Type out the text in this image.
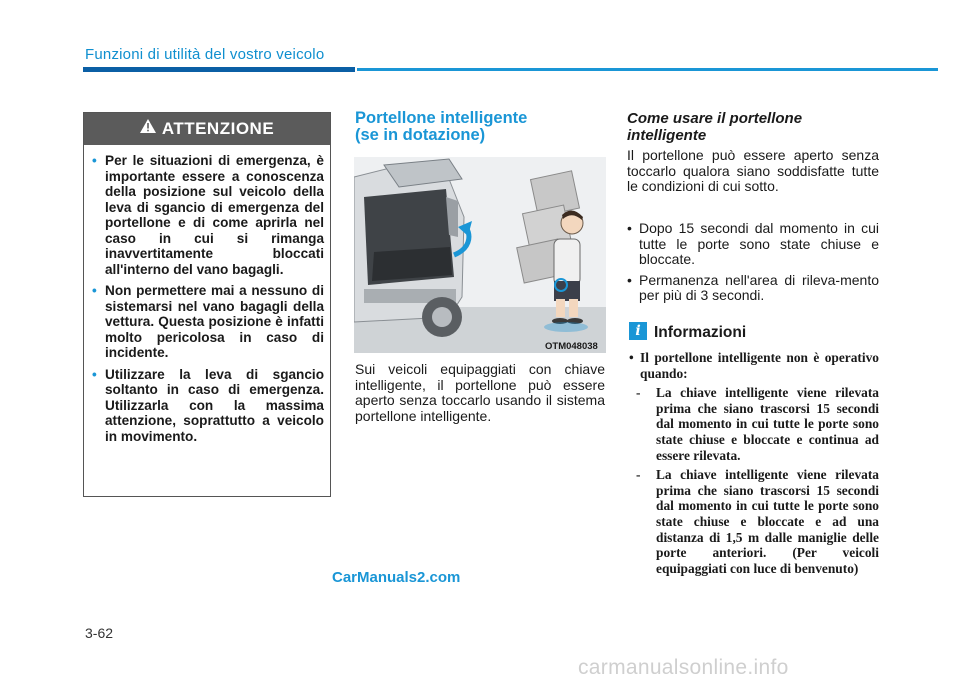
Funzioni di utilità del vostro veicolo
ATTENZIONE
• Per le situazioni di emergenza, è importante essere a conoscenza della posizione sul veicolo della leva di sgancio di emergenza del portellone e di come aprirla nel caso in cui si rimanga inavvertitamente bloccati all'interno del vano bagagli.
• Non permettere mai a nessuno di sistemarsi nel vano bagagli della vettura. Questa posizione è infatti molto pericolosa in caso di incidente.
• Utilizzare la leva di sgancio soltanto in caso di emergenza. Utilizzarla con la massima attenzione, soprattutto a veicolo in movimento.
Portellone intelligente
(se in dotazione)
OTM048038
Sui veicoli equipaggiati con chiave intelligente, il portellone può essere aperto senza toccarlo usando il sistema portellone intelligente.
Come usare il portellone
intelligente
Il portellone può essere aperto senza toccarlo qualora siano soddisfatte tutte le condizioni di cui sotto.
• Dopo 15 secondi dal momento in cui tutte le porte sono state chiuse e bloccate.
• Permanenza nell'area di rileva-mento per più di 3 secondi.
i Informazioni
• Il portellone intelligente non è operativo quando:
- La chiave intelligente viene rilevata prima che siano trascorsi 15 secondi dal momento in cui tutte le porte sono state chiuse e bloccate e continua ad essere rilevata.
- La chiave intelligente viene rilevata prima che siano trascorsi 15 secondi dal momento in cui tutte le porte sono state chiuse e bloccate e ad una distanza di 1,5 m dalle maniglie delle porte anteriori. (Per veicoli equipaggiati con luce di benvenuto)
CarManuals2.com
3-62
carmanualsonline.info
